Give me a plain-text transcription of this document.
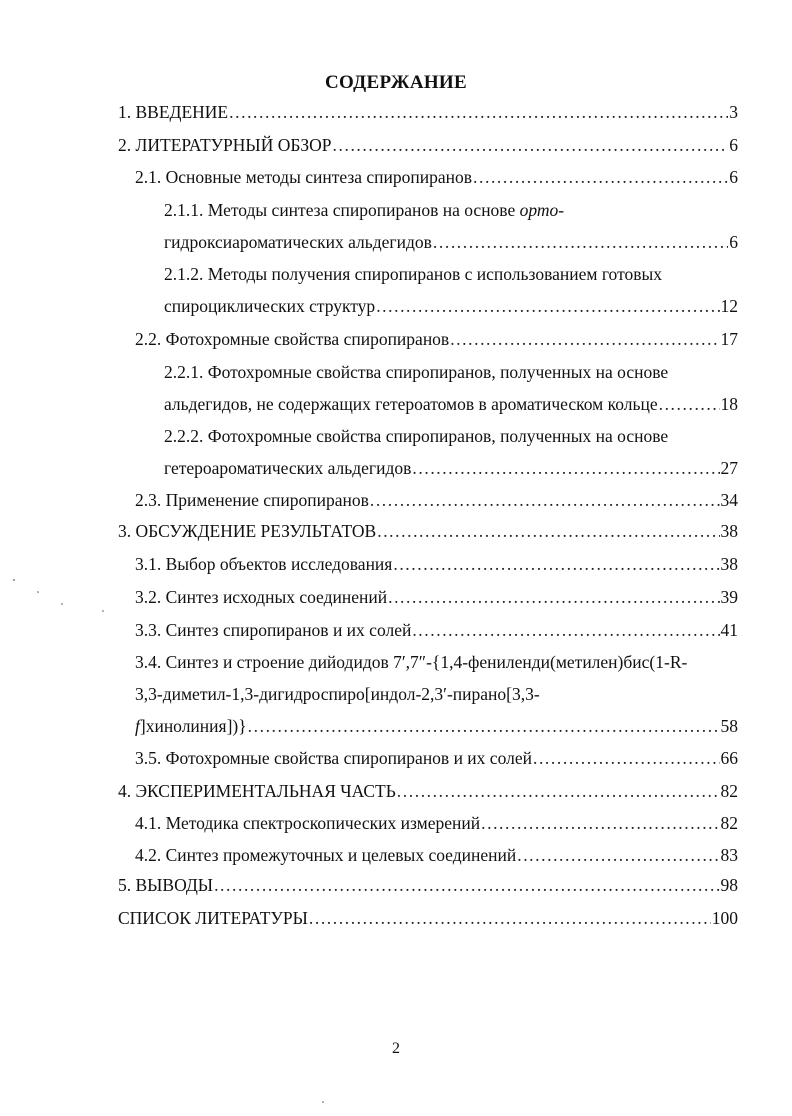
СОДЕРЖАНИЕ
1. ВВЕДЕНИЕ .....	3
2. ЛИТЕРАТУРНЫЙ ОБЗОР .....	6
2.1. Основные методы синтеза спиропиранов .....	6
2.1.1. Методы синтеза спиропиранов на основе орто-
гидроксиароматических альдегидов .....	6
2.1.2. Методы получения спиропиранов с использованием готовых
спироциклических структур .....	12
2.2. Фотохромные свойства спиропиранов .....	17
2.2.1. Фотохромные свойства спиропиранов, полученных на основе
альдегидов, не содержащих гетероатомов в ароматическом кольце .....	18
2.2.2. Фотохромные свойства спиропиранов, полученных на основе
гетероароматических альдегидов .....	27
2.3. Применение спиропиранов .....	34
3. ОБСУЖДЕНИЕ РЕЗУЛЬТАТОВ .....	38
3.1. Выбор объектов исследования .....	38
3.2. Синтез исходных соединений .....	39
3.3. Синтез спиропиранов и их солей .....	41
3.4. Синтез и строение дийодидов 7′,7″-{1,4-фениленди(метилен)бис(1-R-
3,3-диметил-1,3-дигидроспиро[индол-2,3′-пирано[3,3-
f]хинолиния])} .....	58
3.5. Фотохромные свойства спиропиранов и их солей .....	66
4. ЭКСПЕРИМЕНТАЛЬНАЯ ЧАСТЬ .....	82
4.1. Методика спектроскопических измерений .....	82
4.2. Синтез промежуточных и целевых соединений .....	83
5. ВЫВОДЫ .....	98
СПИСОК ЛИТЕРАТУРЫ .....	100
2
